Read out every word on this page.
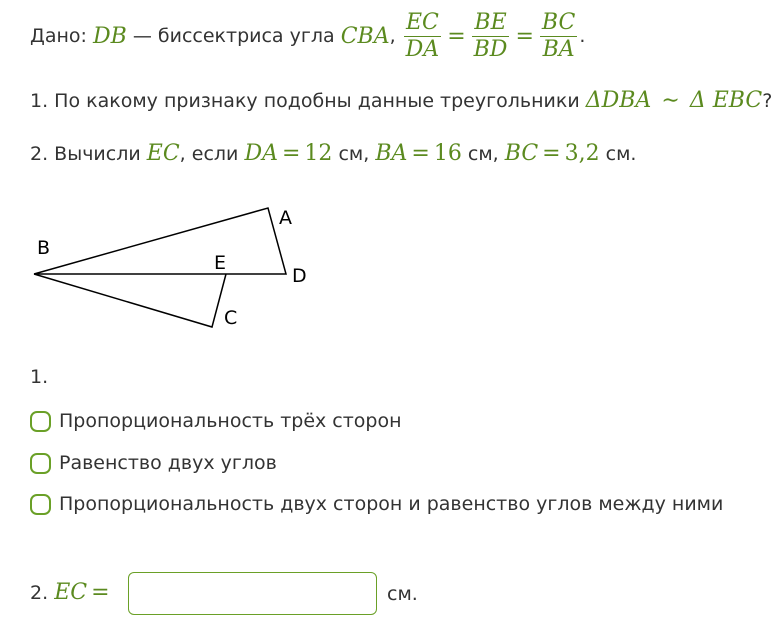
Дано:
DB
— биссектриса угла
CBA ,
$\frac{EC}{DA} = \frac{BE}{BD} = \frac{BC}{BA}$ .
1. По какому признаку подобны данные треугольники ΔDBA ∼ Δ EBC?
2. Вычисли EC, если DA = 12 см, BA = 16 см, BC = 3,2 см.
B
A
E
D
C
1.
Пропорциональность трёх сторон
Равенство двух углов
Пропорциональность двух сторон и равенство углов между ними
2. EC =	см.
